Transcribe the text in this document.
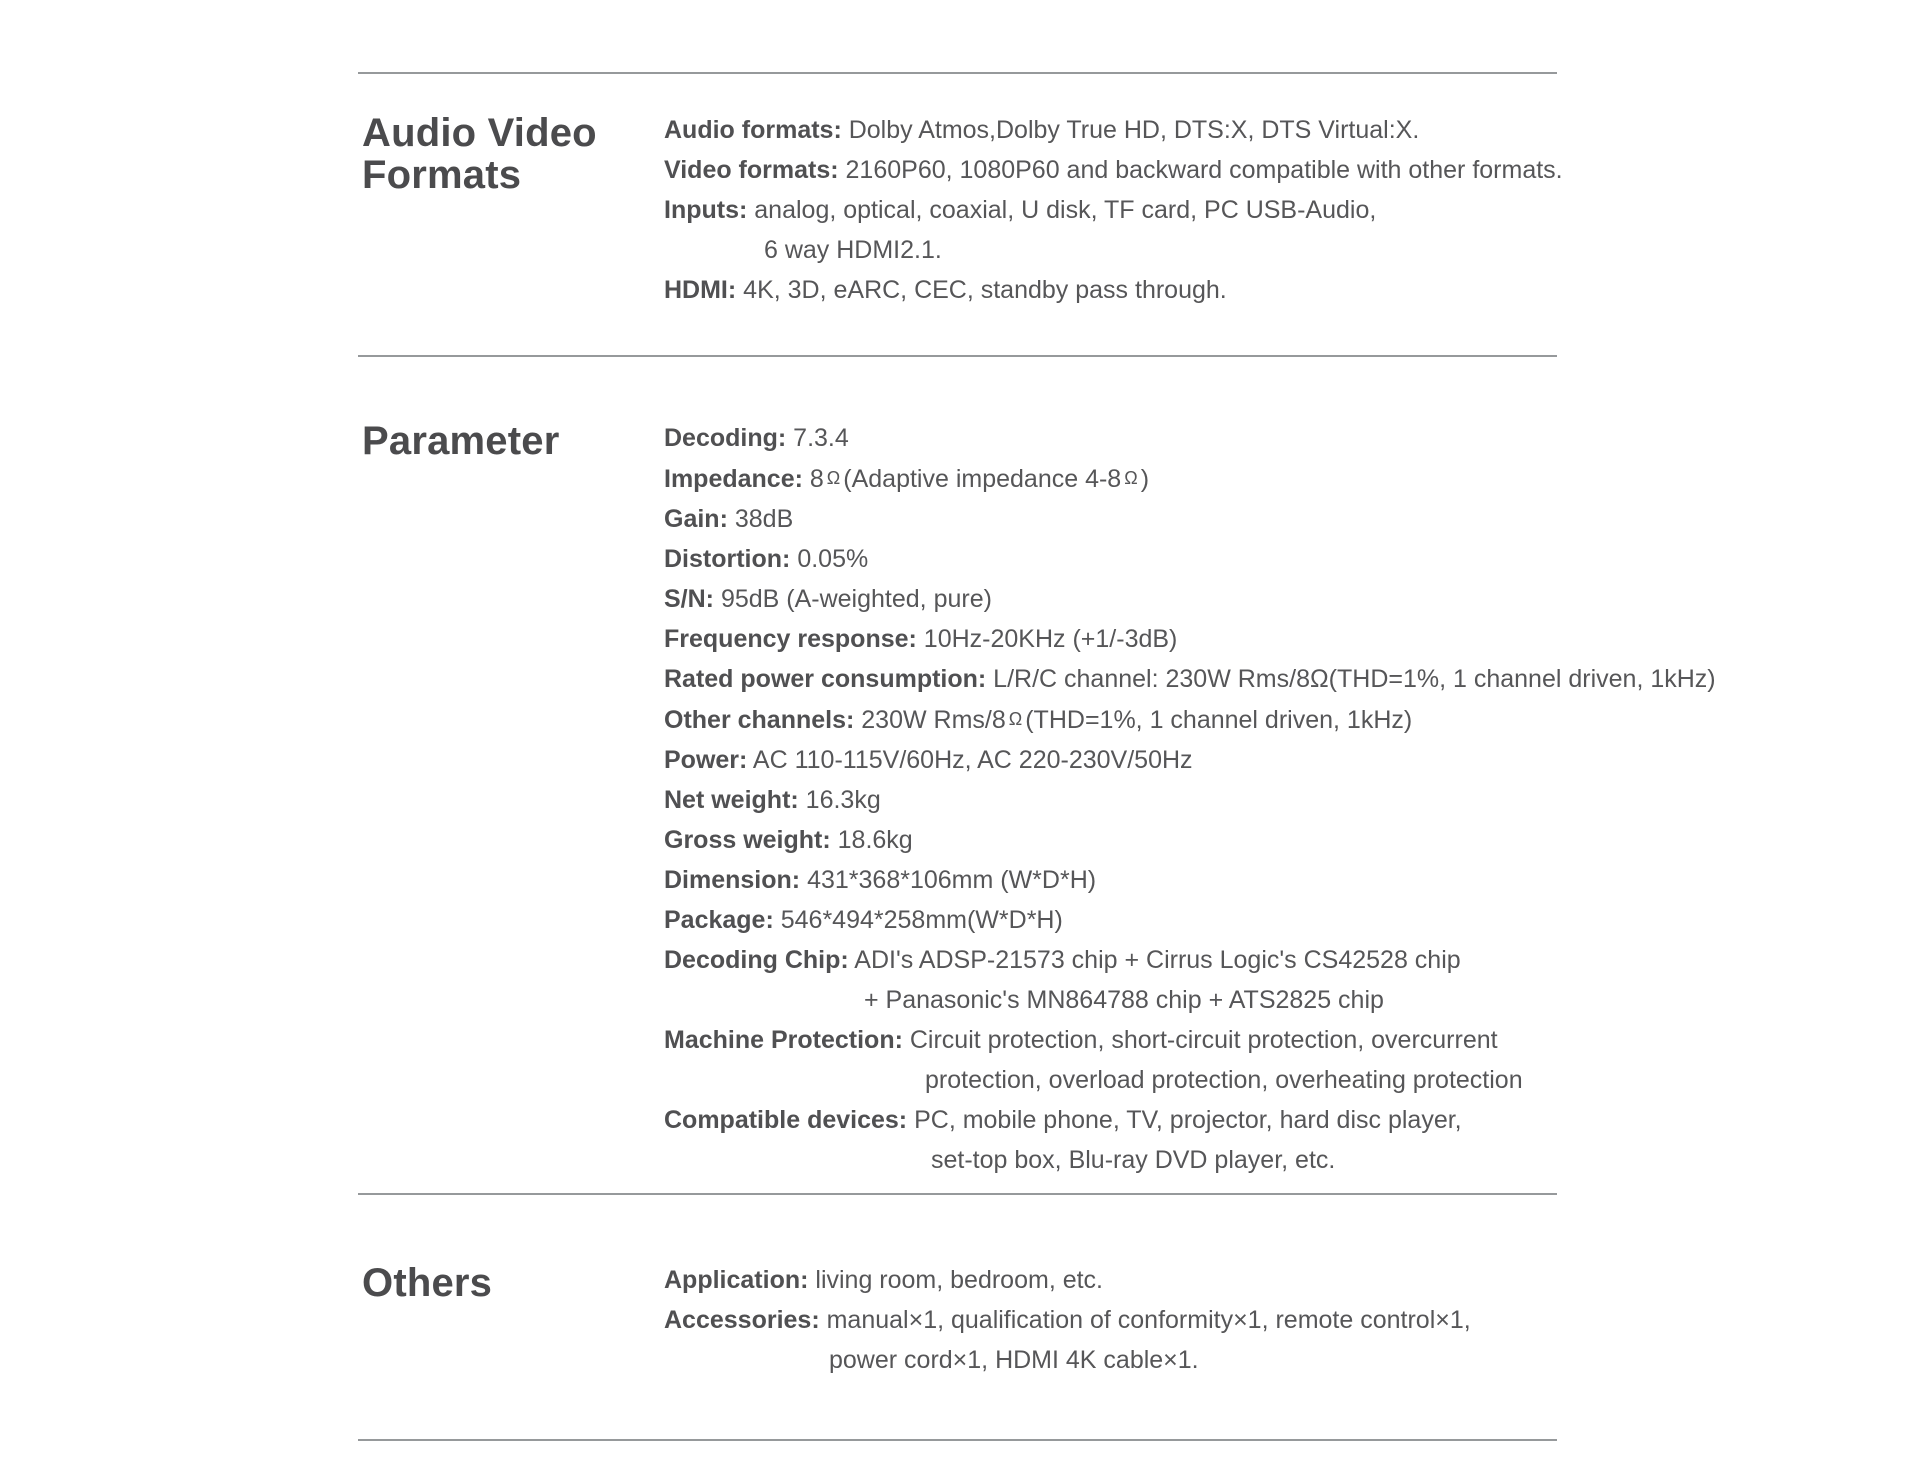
Audio Video Formats
Audio formats: Dolby Atmos,Dolby True HD, DTS:X, DTS Virtual:X.
Video formats: 2160P60, 1080P60 and backward compatible with other formats.
Inputs: analog, optical, coaxial, U disk, TF card, PC USB-Audio,
6 way HDMI2.1.
HDMI: 4K, 3D, eARC, CEC, standby pass through.
Parameter	Decoding: 7.3.4
Impedance: 8 Ω (Adaptive impedance 4-8 Ω )
Gain: 38dB
Distortion: 0.05%
S/N: 95dB (A-weighted, pure)
Frequency response: 10Hz-20KHz (+1/-3dB)
Rated power consumption: L/R/C channel: 230W Rms/8Ω(THD=1%, 1 channel driven, 1kHz)
Other channels: 230W Rms/8 Ω (THD=1%, 1 channel driven, 1kHz)
Power: AC 110-115V/60Hz, AC 220-230V/50Hz
Net weight: 16.3kg
Gross weight: 18.6kg
Dimension: 431*368*106mm (W*D*H)
Package: 546*494*258mm(W*D*H)
Decoding Chip: ADI's ADSP-21573 chip + Cirrus Logic's CS42528 chip
+ Panasonic's MN864788 chip + ATS2825 chip
Machine Protection: Circuit protection, short-circuit protection, overcurrent
protection, overload protection, overheating protection
Compatible devices: PC, mobile phone, TV, projector, hard disc player,
set-top box, Blu-ray DVD player, etc.
Others	Application: living room, bedroom, etc.
Accessories: manual×1, qualification of conformity×1, remote control×1,
power cord×1, HDMI 4K cable×1.
